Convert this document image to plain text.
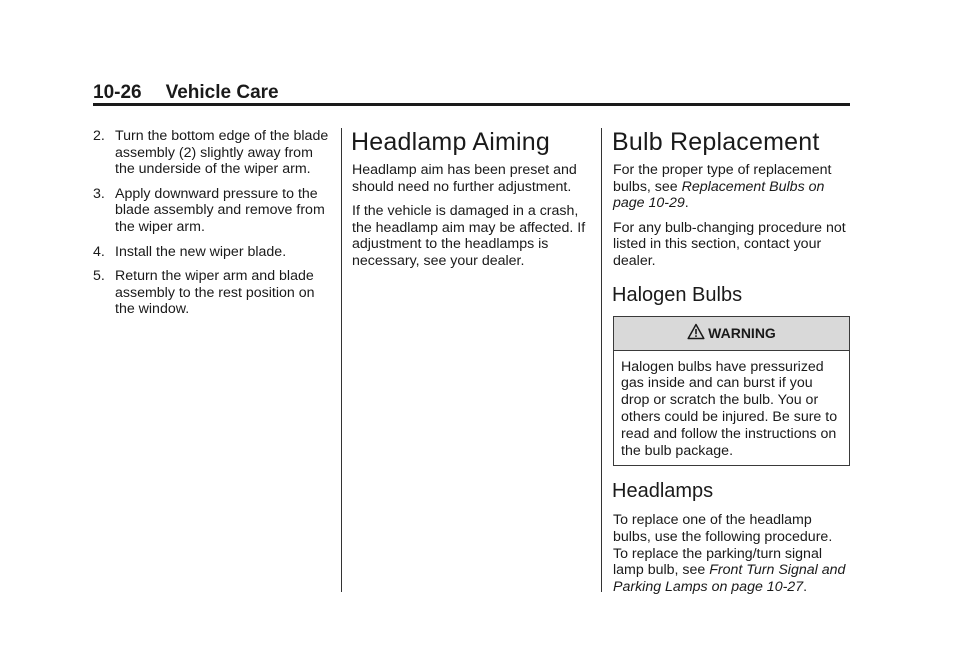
10-26 Vehicle Care
2. Turn the bottom edge of the blade assembly (2) slightly away from the underside of the wiper arm.
3. Apply downward pressure to the blade assembly and remove from the wiper arm.
4. Install the new wiper blade.
5. Return the wiper arm and blade assembly to the rest position on the window.
Headlamp Aiming

Headlamp aim has been preset and should need no further adjustment.

If the vehicle is damaged in a crash, the headlamp aim may be affected. If adjustment to the headlamps is necessary, see your dealer.

Bulb Replacement

For the proper type of replacement bulbs, see Replacement Bulbs on page 10-29.

For any bulb-changing procedure not listed in this section, contact your dealer.

Halogen Bulbs
WARNING
Halogen bulbs have pressurized gas inside and can burst if you drop or scratch the bulb. You or others could be injured. Be sure to read and follow the instructions on the bulb package.
Headlamps

To replace one of the headlamp bulbs, use the following procedure. To replace the parking/turn signal lamp bulb, see Front Turn Signal and Parking Lamps on page 10-27.
